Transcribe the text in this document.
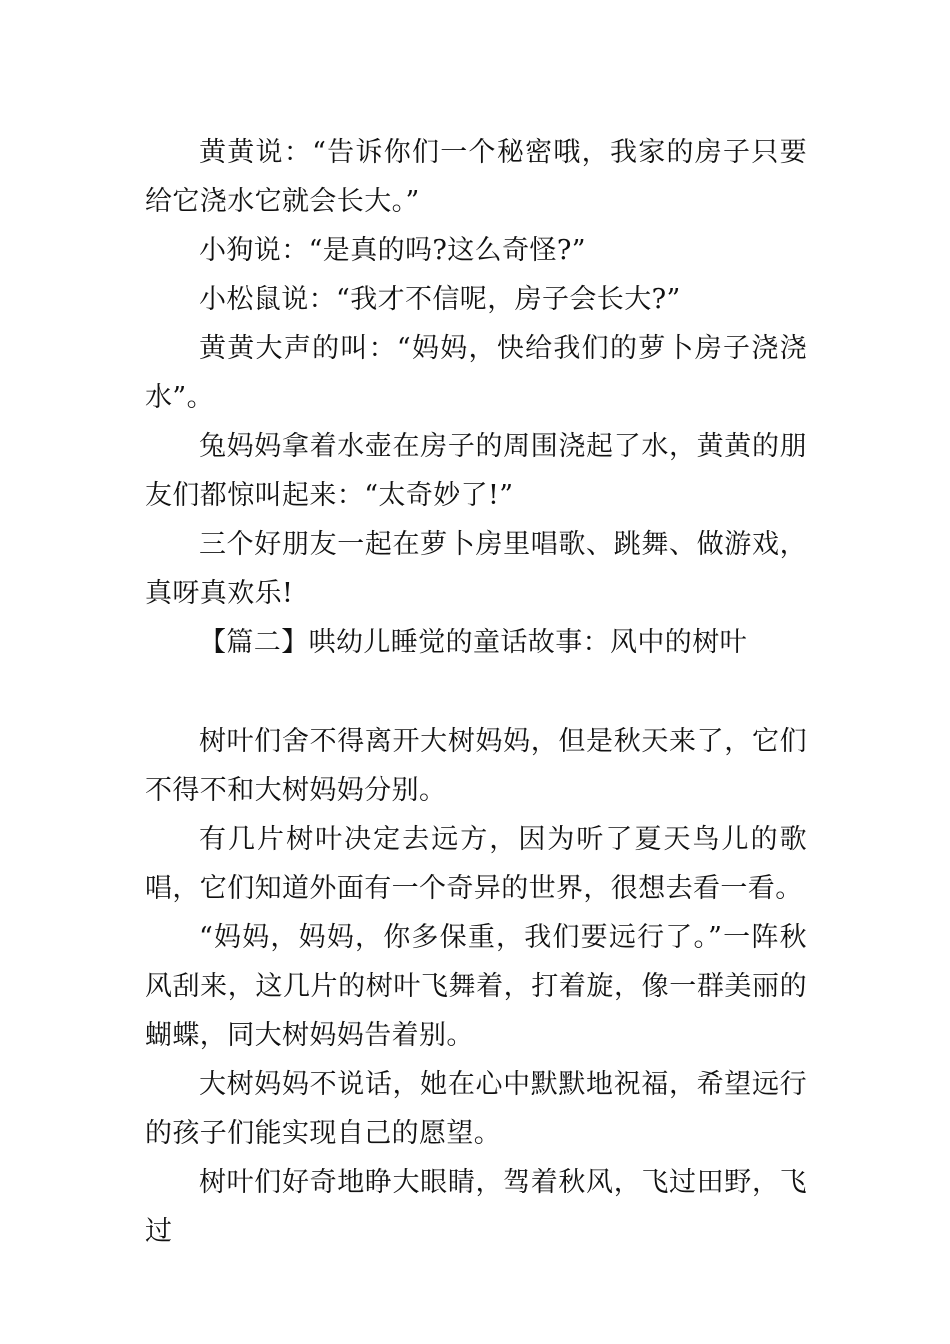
黄黄说：“告诉你们一个秘密哦，我家的房子只要给它浇水它就会长大。”

小狗说：“是真的吗?这么奇怪?”

小松鼠说：“我才不信呢，房子会长大?”

黄黄大声的叫：“妈妈，快给我们的萝卜房子浇浇水”。

兔妈妈拿着水壶在房子的周围浇起了水，黄黄的朋友们都惊叫起来：“太奇妙了!”

三个好朋友一起在萝卜房里唱歌、跳舞、做游戏，真呀真欢乐!

【篇二】哄幼儿睡觉的童话故事：风中的树叶

树叶们舍不得离开大树妈妈，但是秋天来了，它们不得不和大树妈妈分别。

有几片树叶决定去远方，因为听了夏天鸟儿的歌唱，它们知道外面有一个奇异的世界，很想去看一看。

“妈妈，妈妈，你多保重，我们要远行了。”一阵秋风刮来，这几片的树叶飞舞着，打着旋，像一群美丽的蝴蝶，同大树妈妈告着别。

大树妈妈不说话，她在心中默默地祝福，希望远行的孩子们能实现自己的愿望。

树叶们好奇地睁大眼睛，驾着秋风，飞过田野，飞过
